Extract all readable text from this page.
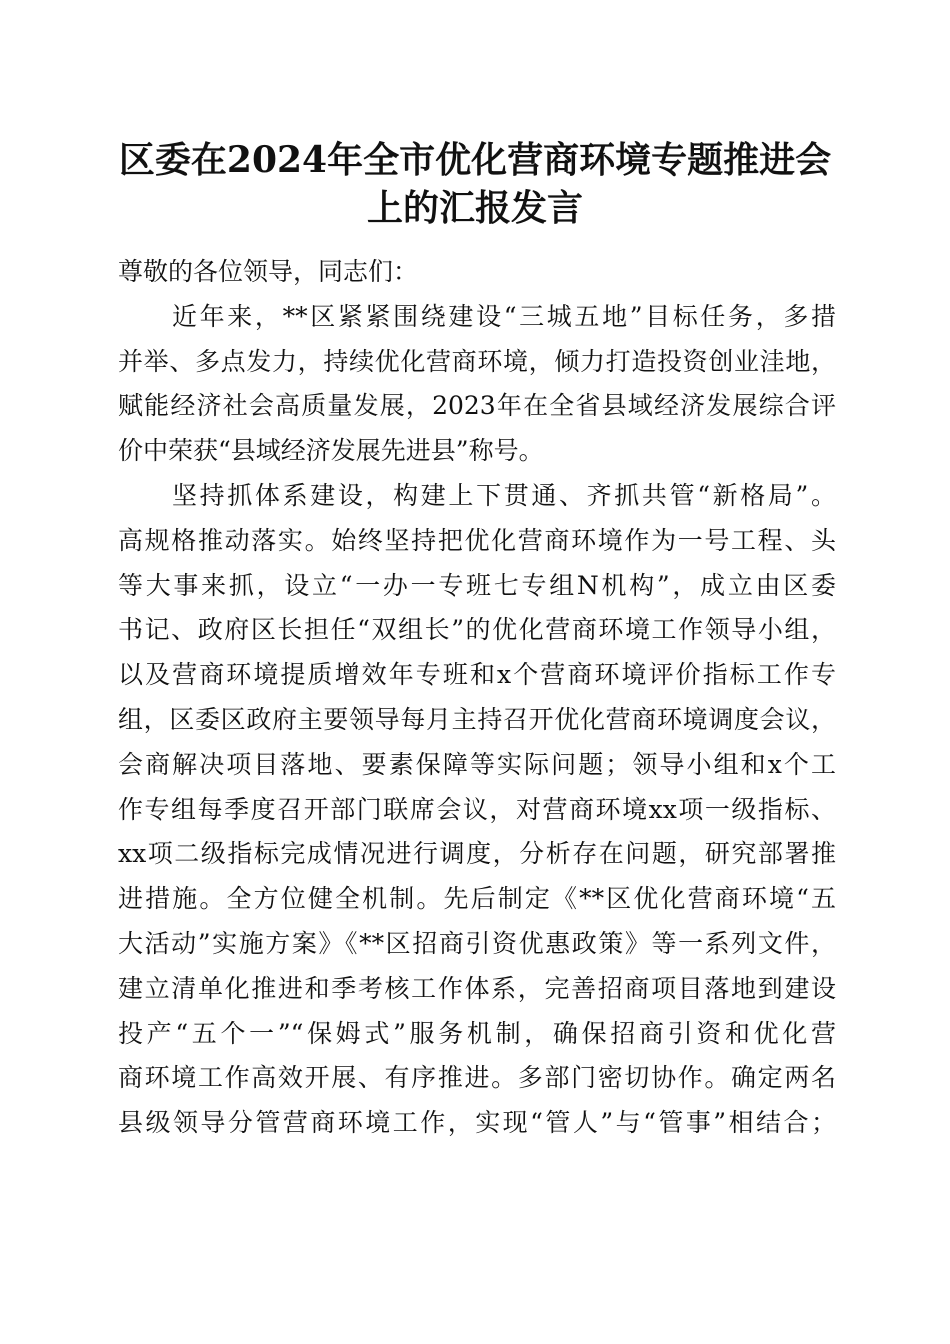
区委在2024年全市优化营商环境专题推进会
上的汇报发言
尊敬的各位领导，同志们：
近年来，**区紧紧围绕建设“三城五地”目标任务，多措
并举、多点发力，持续优化营商环境，倾力打造投资创业洼地，
赋能经济社会高质量发展，2023年在全省县域经济发展综合评
价中荣获“县域经济发展先进县”称号。
坚持抓体系建设，构建上下贯通、齐抓共管“新格局”。
高规格推动落实。始终坚持把优化营商环境作为一号工程、头
等大事来抓，设立“一办一专班七专组N机构”，成立由区委
书记、政府区长担任“双组长”的优化营商环境工作领导小组，
以及营商环境提质增效年专班和x个营商环境评价指标工作专
组，区委区政府主要领导每月主持召开优化营商环境调度会议，
会商解决项目落地、要素保障等实际问题；领导小组和x个工
作专组每季度召开部门联席会议，对营商环境xx项一级指标、
xx项二级指标完成情况进行调度，分析存在问题，研究部署推
进措施。全方位健全机制。先后制定《**区优化营商环境“五
大活动”实施方案》《**区招商引资优惠政策》等一系列文件，
建立清单化推进和季考核工作体系，完善招商项目落地到建设
投产“五个一”“保姆式”服务机制，确保招商引资和优化营
商环境工作高效开展、有序推进。多部门密切协作。确定两名
县级领导分管营商环境工作，实现“管人”与“管事”相结合；
